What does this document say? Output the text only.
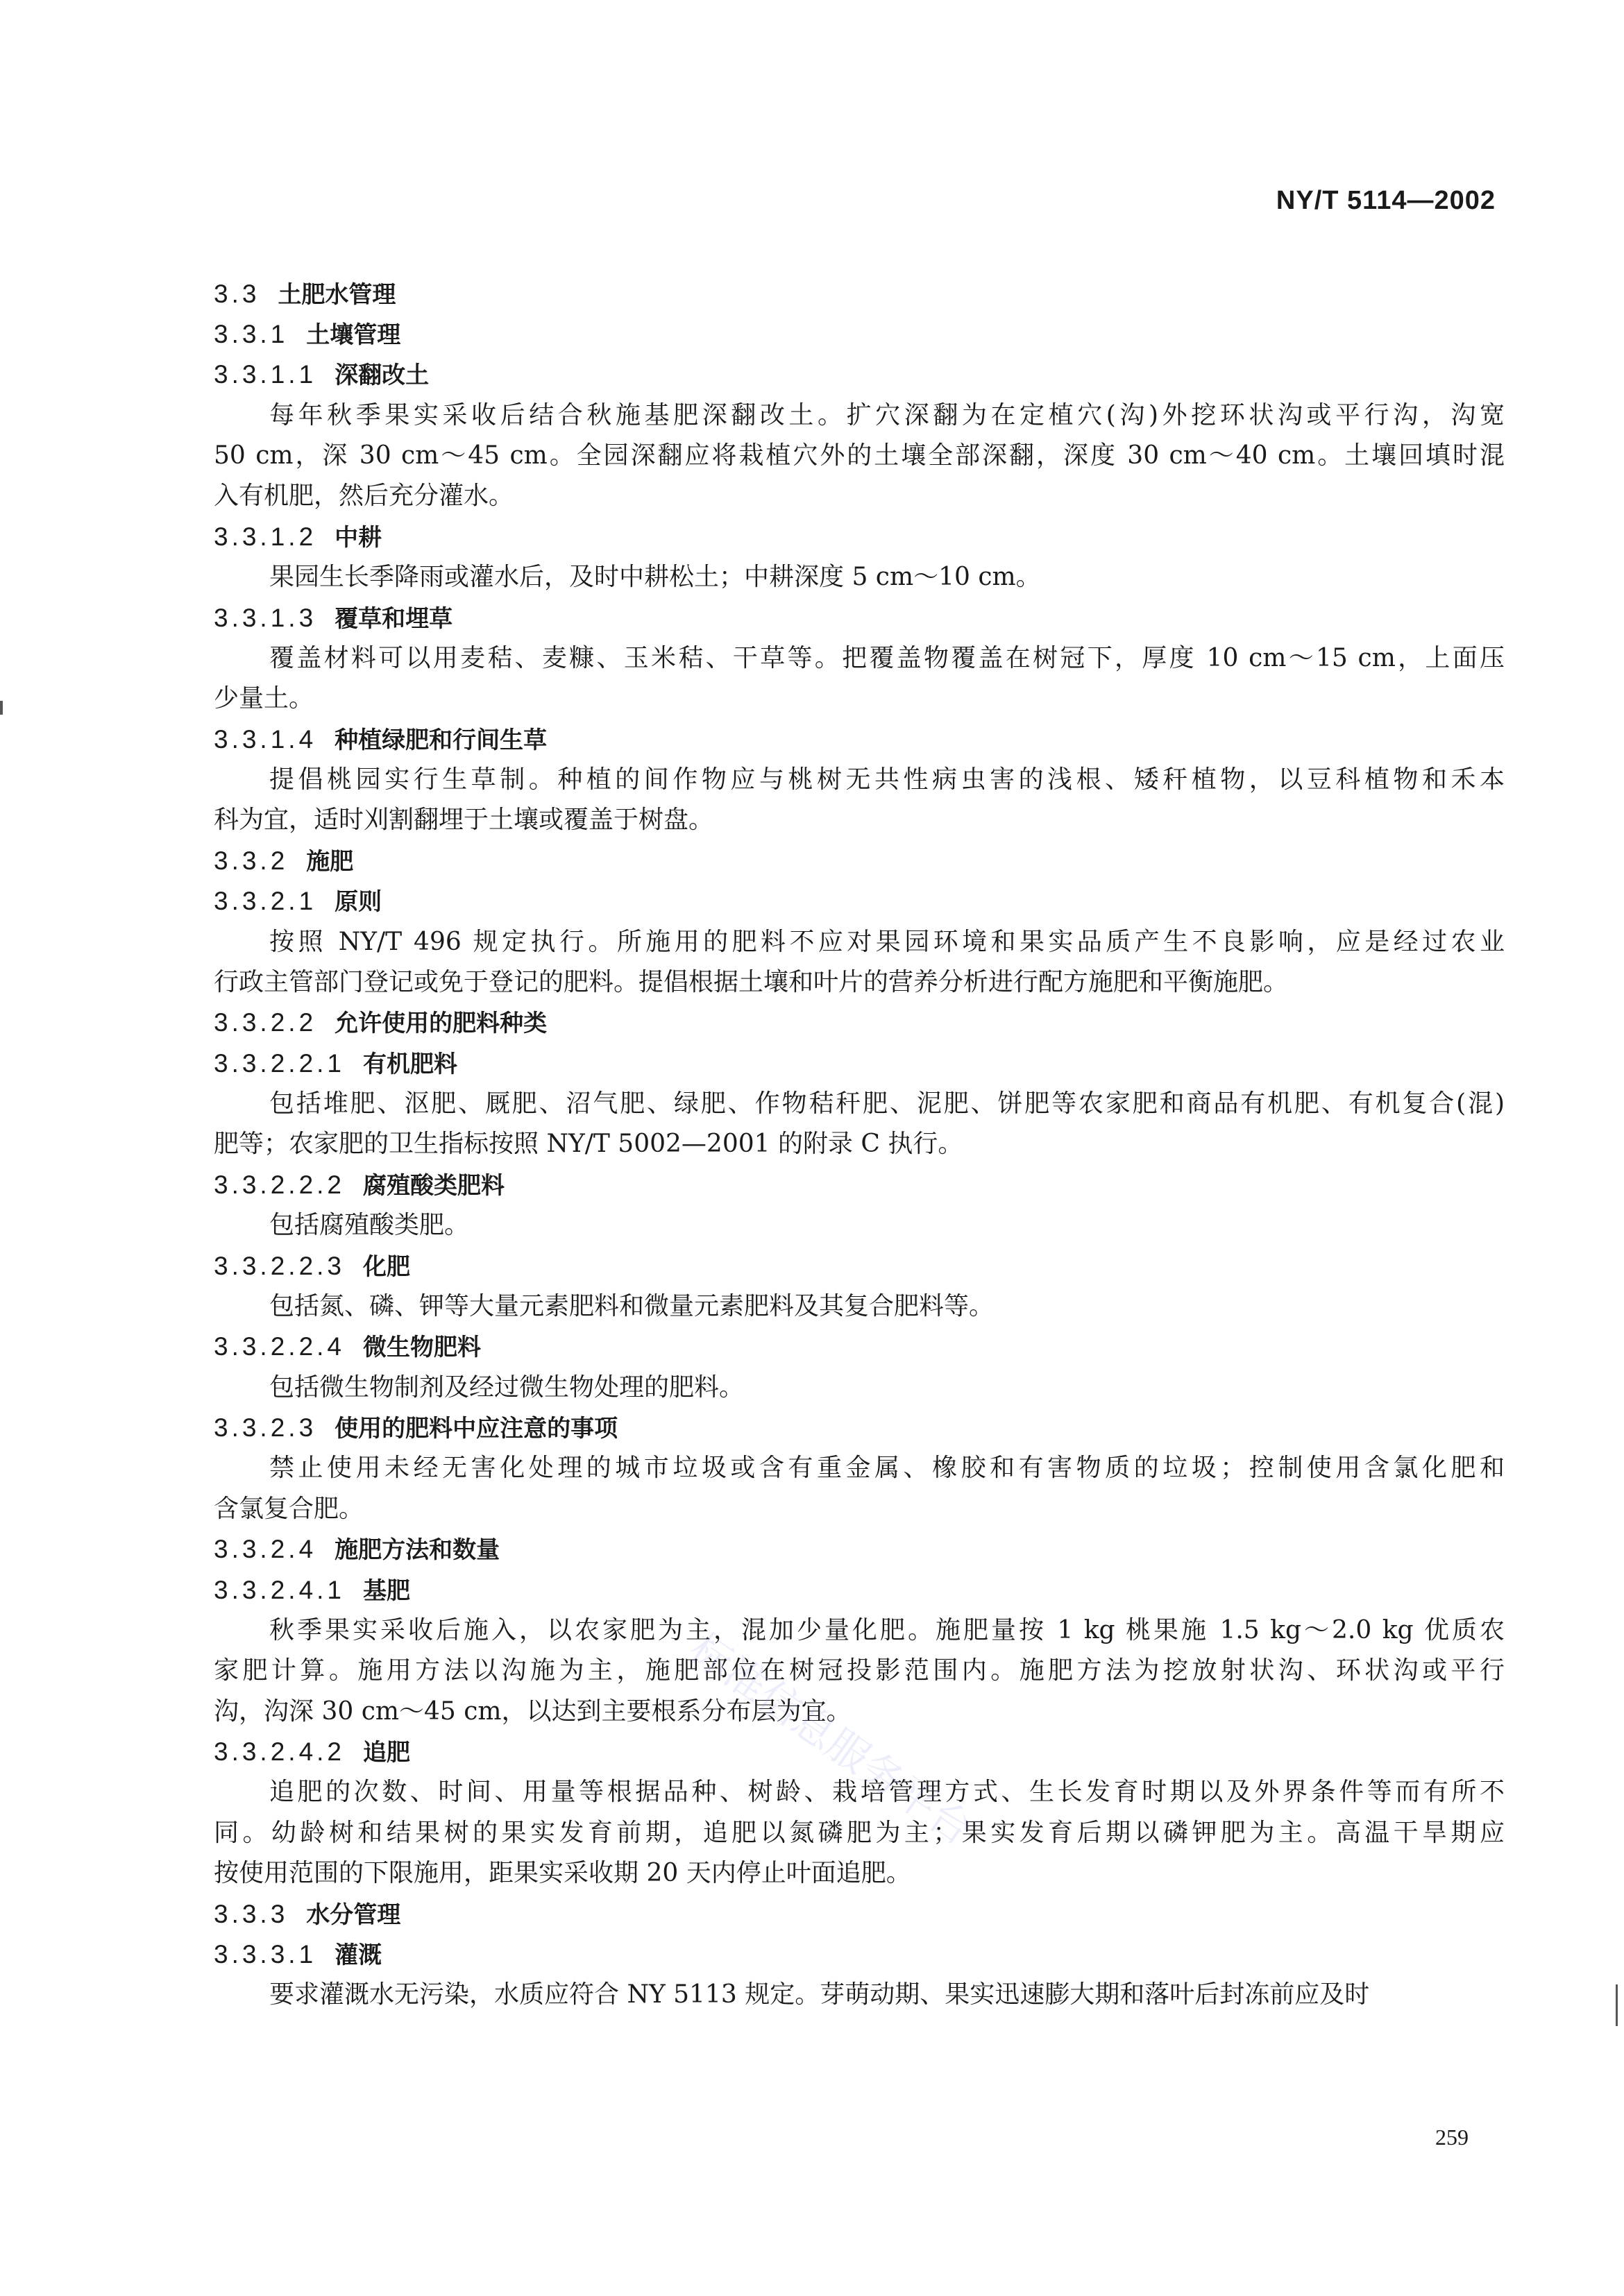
NY/T 5114—2002
3.3 土肥水管理
3.3.1 土壤管理
3.3.1.1 深翻改土
每年秋季果实采收后结合秋施基肥深翻改土。扩穴深翻为在定植穴(沟)外挖环状沟或平行沟，沟宽
50 cm，深 30 cm～45 cm。全园深翻应将栽植穴外的土壤全部深翻，深度 30 cm～40 cm。土壤回填时混
入有机肥，然后充分灌水。
3.3.1.2 中耕
果园生长季降雨或灌水后，及时中耕松土；中耕深度 5 cm～10 cm。
3.3.1.3 覆草和埋草
覆盖材料可以用麦秸、麦糠、玉米秸、干草等。把覆盖物覆盖在树冠下，厚度 10 cm～15 cm，上面压
少量土。
3.3.1.4 种植绿肥和行间生草
提倡桃园实行生草制。种植的间作物应与桃树无共性病虫害的浅根、矮秆植物，以豆科植物和禾本
科为宜，适时刈割翻埋于土壤或覆盖于树盘。
3.3.2 施肥
3.3.2.1 原则
按照 NY/T 496 规定执行。所施用的肥料不应对果园环境和果实品质产生不良影响，应是经过农业
行政主管部门登记或免于登记的肥料。提倡根据土壤和叶片的营养分析进行配方施肥和平衡施肥。
3.3.2.2 允许使用的肥料种类
3.3.2.2.1 有机肥料
包括堆肥、沤肥、厩肥、沼气肥、绿肥、作物秸秆肥、泥肥、饼肥等农家肥和商品有机肥、有机复合(混)
肥等；农家肥的卫生指标按照 NY/T 5002—2001 的附录 C 执行。
3.3.2.2.2 腐殖酸类肥料
包括腐殖酸类肥。
3.3.2.2.3 化肥
包括氮、磷、钾等大量元素肥料和微量元素肥料及其复合肥料等。
3.3.2.2.4 微生物肥料
包括微生物制剂及经过微生物处理的肥料。
3.3.2.3 使用的肥料中应注意的事项
禁止使用未经无害化处理的城市垃圾或含有重金属、橡胶和有害物质的垃圾；控制使用含氯化肥和
含氯复合肥。
3.3.2.4 施肥方法和数量
3.3.2.4.1 基肥
秋季果实采收后施入，以农家肥为主，混加少量化肥。施肥量按 1 kg 桃果施 1.5 kg～2.0 kg 优质农
家肥计算。施用方法以沟施为主，施肥部位在树冠投影范围内。施肥方法为挖放射状沟、环状沟或平行
沟，沟深 30 cm～45 cm，以达到主要根系分布层为宜。
3.3.2.4.2 追肥
追肥的次数、时间、用量等根据品种、树龄、栽培管理方式、生长发育时期以及外界条件等而有所不
同。幼龄树和结果树的果实发育前期，追肥以氮磷肥为主；果实发育后期以磷钾肥为主。高温干旱期应
按使用范围的下限施用，距果实采收期 20 天内停止叶面追肥。
3.3.3 水分管理
3.3.3.1 灌溉
要求灌溉水无污染，水质应符合 NY 5113 规定。芽萌动期、果实迅速膨大期和落叶后封冻前应及时
标准信息服务平台
259
